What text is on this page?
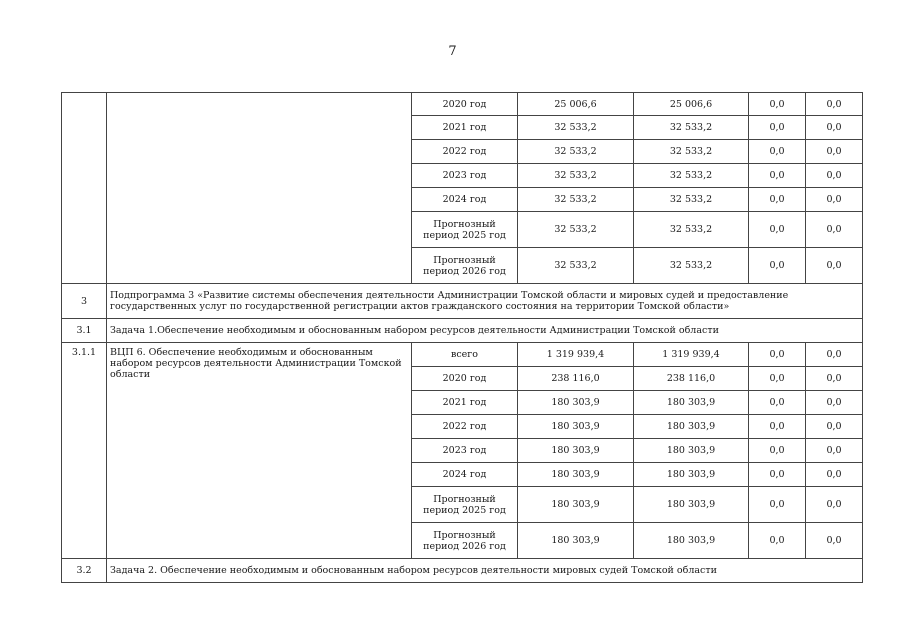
7
		2020 год	25 006,6	25 006,6	0,0	0,0
		2021 год	32 533,2	32 533,2	0,0	0,0
		2022 год	32 533,2	32 533,2	0,0	0,0
		2023 год	32 533,2	32 533,2	0,0	0,0
		2024 год	32 533,2	32 533,2	0,0	0,0
		Прогнозный период 2025 год	32 533,2	32 533,2	0,0	0,0
		Прогнозный период 2026 год	32 533,2	32 533,2	0,0	0,0
3	Подпрограмма 3 «Развитие системы обеспечения деятельности Администрации Томской области и мировых судей и предоставление государственных услуг по государственной регистрации актов гражданского состояния на территории Томской области»					
3.1	Задача 1.Обеспечение необходимым и обоснованным набором ресурсов деятельности Администрации Томской области					
3.1.1	ВЦП 6. Обеспечение необходимым и обоснованным набором ресурсов деятельности Администрации Томской области	всего	1 319 939,4	1 319 939,4	0,0	0,0
		2020 год	238 116,0	238 116,0	0,0	0,0
		2021 год	180 303,9	180 303,9	0,0	0,0
		2022 год	180 303,9	180 303,9	0,0	0,0
		2023 год	180 303,9	180 303,9	0,0	0,0
		2024 год	180 303,9	180 303,9	0,0	0,0
		Прогнозный период 2025 год	180 303,9	180 303,9	0,0	0,0
		Прогнозный период 2026 год	180 303,9	180 303,9	0,0	0,0
3.2	Задача 2. Обеспечение необходимым и обоснованным набором ресурсов деятельности мировых судей Томской области					
